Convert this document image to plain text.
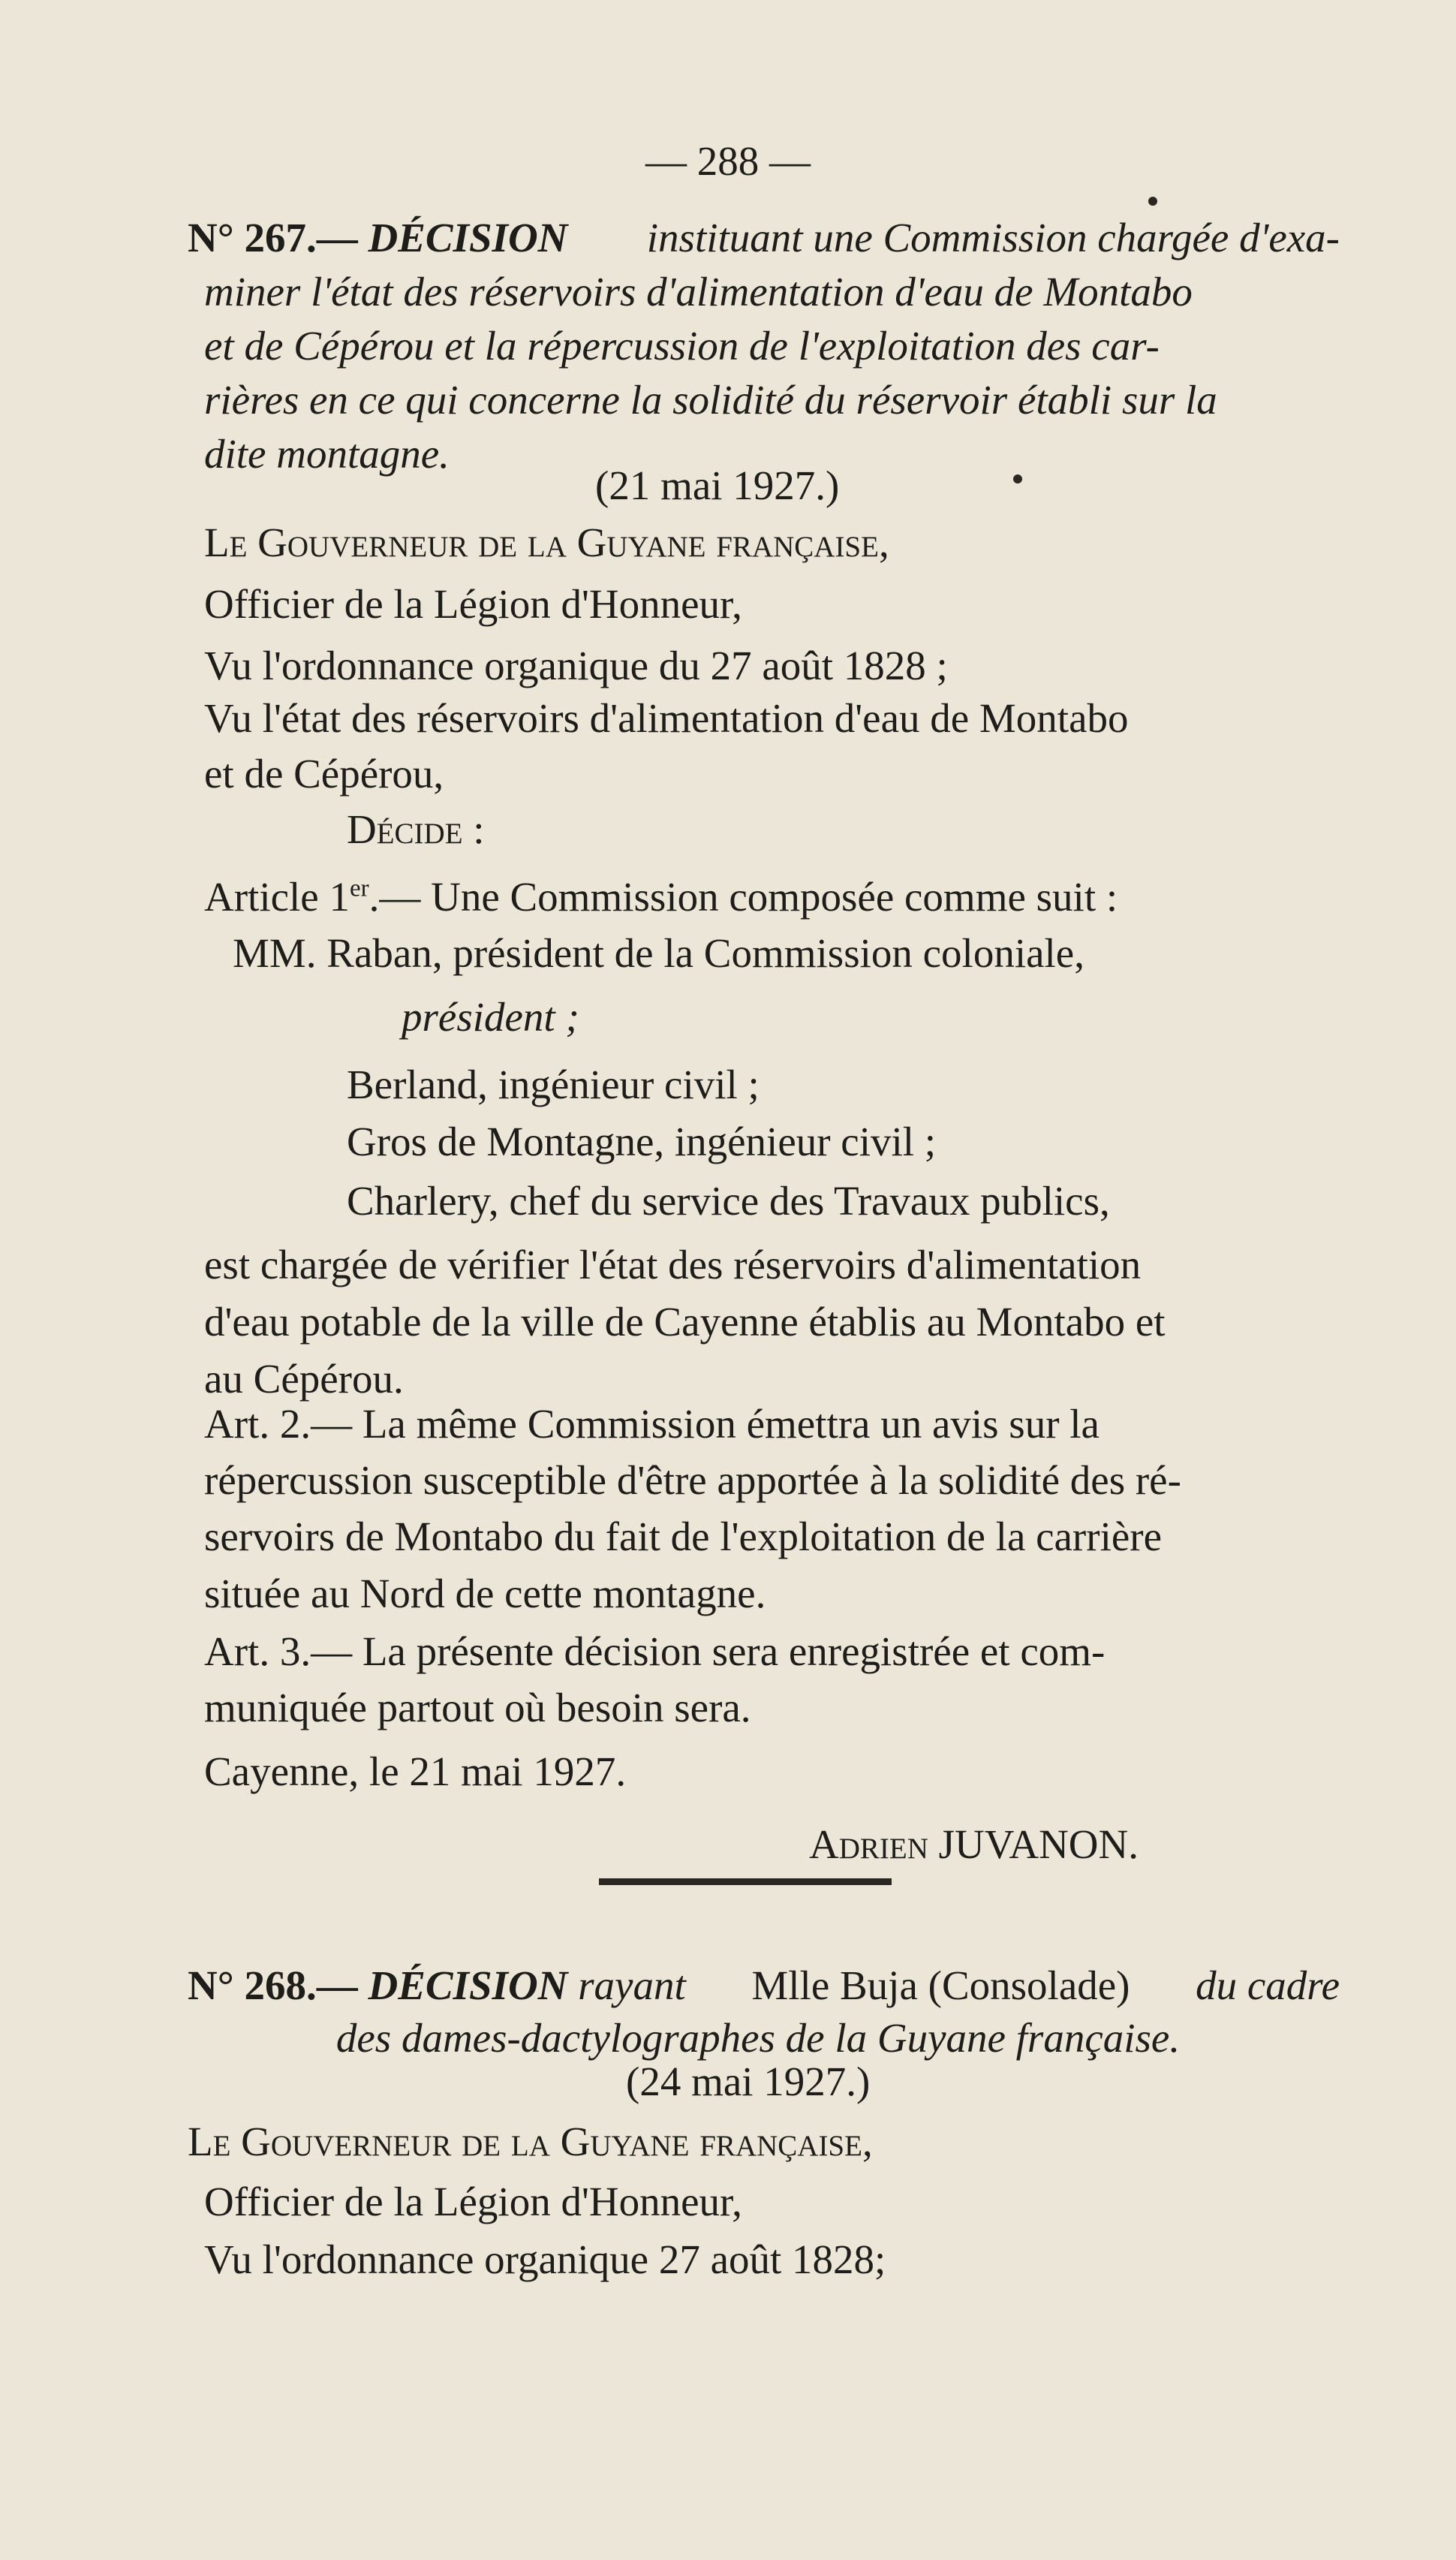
— 288 —
N° 267.— DÉCISION instituant une Commission chargée d'exa-
miner l'état des réservoirs d'alimentation d'eau de Montabo
et de Cépérou et la répercussion de l'exploitation des car-
rières en ce qui concerne la solidité du réservoir établi sur la
dite montagne.
(21 mai 1927.)
Le Gouverneur de la Guyane française,
Officier de la Légion d'Honneur,
Vu l'ordonnance organique du 27 août 1828 ;
Vu l'état des réservoirs d'alimentation d'eau de Montabo
et de Cépérou,
Décide :
Article 1er.— Une Commission composée comme suit :
MM. Raban, président de la Commission coloniale,
président ;
Berland, ingénieur civil ;
Gros de Montagne, ingénieur civil ;
Charlery, chef du service des Travaux publics,
est chargée de vérifier l'état des réservoirs d'alimentation
d'eau potable de la ville de Cayenne établis au Montabo et
au Cépérou.
Art. 2.— La même Commission émettra un avis sur la
répercussion susceptible d'être apportée à la solidité des ré-
servoirs de Montabo du fait de l'exploitation de la carrière
située au Nord de cette montagne.
Art. 3.— La présente décision sera enregistrée et com-
muniquée partout où besoin sera.
Cayenne, le 21 mai 1927.
Adrien JUVANON.
N° 268.— DÉCISION rayant Mlle Buja (Consolade) du cadre
des dames-dactylographes de la Guyane française.
(24 mai 1927.)
Le Gouverneur de la Guyane française,
Officier de la Légion d'Honneur,
Vu l'ordonnance organique 27 août 1828;
